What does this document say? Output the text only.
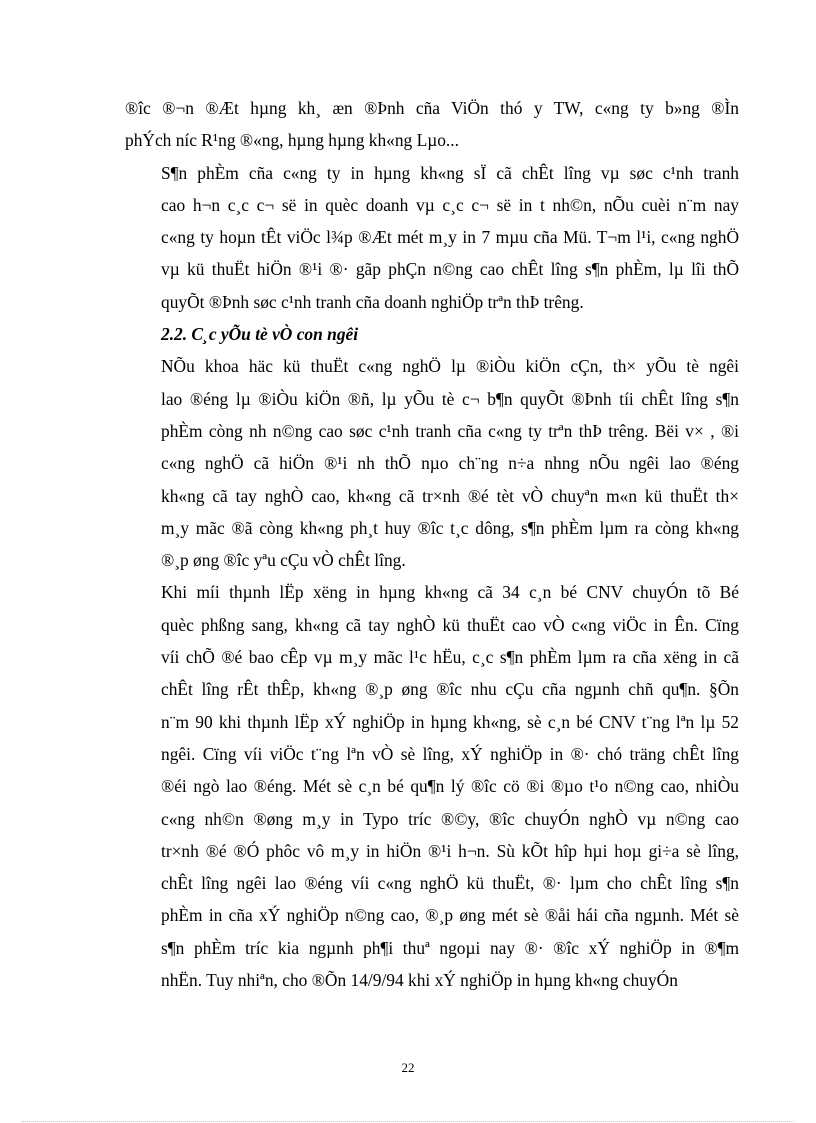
®îc ®¬n ®Æt hµng kh¸ æn ®Þnh cña ViÖn thó y TW, c«ng ty b»ng ®Ìn
phÝch níc R¹ng ®«ng, hµng hµng kh«ng Lµo...

S¶n phÈm cña c«ng ty in hµng kh«ng sÏ cã chÊt lîng vµ søc c¹nh tranh
cao h¬n c¸c c¬ së in quèc doanh vµ c¸c c¬ së in t nh©n, nÕu cuèi n¨m nay
c«ng ty hoµn tÊt viÖc l¾p ®Æt mét m¸y in 7 mµu cña Mü. T¬m l¹i, c«ng nghÖ
vµ kü thuËt hiÖn ®¹i ®· gãp phÇn n©ng cao chÊt lîng s¶n phÈm, lµ lîi thÕ
quyÕt ®Þnh søc c¹nh tranh cña doanh nghiÖp trªn thÞ trêng.

2.2. C¸c yÕu tè vÒ con ngêi

NÕu khoa häc kü thuËt c«ng nghÖ lµ ®iÒu kiÖn cÇn, th× yÕu tè ngêi
lao ®éng lµ ®iÒu kiÖn ®ñ, lµ yÕu tè c¬ b¶n quyÕt ®Þnh tíi chÊt lîng s¶n
phÈm còng nh n©ng cao søc c¹nh tranh cña c«ng ty trªn thÞ trêng. Bëi v× , ®i
c«ng nghÖ cã hiÖn ®¹i nh thÕ nµo ch¨ng n÷a nhng nÕu ngêi lao ®éng
kh«ng cã tay nghÒ cao, kh«ng cã tr×nh ®é tèt vÒ chuyªn m«n kü thuËt th×
m¸y mãc ®ã còng kh«ng ph¸t huy ®îc t¸c dông, s¶n phÈm lµm ra còng kh«ng
®¸p øng ®îc yªu cÇu vÒ chÊt lîng.

Khi míi thµnh lËp xëng in hµng kh«ng cã 34 c¸n bé CNV chuyÓn tõ Bé
quèc phßng sang, kh«ng cã tay nghÒ kü thuËt cao vÒ c«ng viÖc in Ên. Cïng
víi chÕ ®é bao cÊp vµ m¸y mãc l¹c hËu, c¸c s¶n phÈm lµm ra cña xëng in cã
chÊt lîng rÊt thÊp, kh«ng ®¸p øng ®îc nhu cÇu cña ngµnh chñ qu¶n. §Õn
n¨m 90 khi thµnh lËp xÝ nghiÖp in hµng kh«ng, sè c¸n bé CNV t¨ng lªn lµ 52
ngêi. Cïng víi viÖc t¨ng lªn vÒ sè lîng, xÝ nghiÖp in ®· chó träng chÊt lîng
®éi ngò lao ®éng. Mét sè c¸n bé qu¶n lý ®îc cö ®i ®µo t¹o n©ng cao, nhiÒu
c«ng nh©n ®øng m¸y in Typo tríc ®©y, ®îc chuyÓn nghÒ vµ n©ng cao
tr×nh ®é ®Ó phôc vô m¸y in hiÖn ®¹i h¬n. Sù kÕt hîp hµi hoµ gi÷a sè lîng,
chÊt lîng ngêi lao ®éng víi c«ng nghÖ kü thuËt, ®· lµm cho chÊt lîng s¶n
phÈm in cña xÝ nghiÖp n©ng cao, ®¸p øng mét sè ®åi hái cña ngµnh. Mét sè
s¶n phÈm tríc kia ngµnh ph¶i thuª ngoµi nay ®· ®îc xÝ nghiÖp in ®¶m
nhËn. Tuy nhiªn, cho ®Õn 14/9/94 khi xÝ nghiÖp in hµng kh«ng chuyÓn

22
